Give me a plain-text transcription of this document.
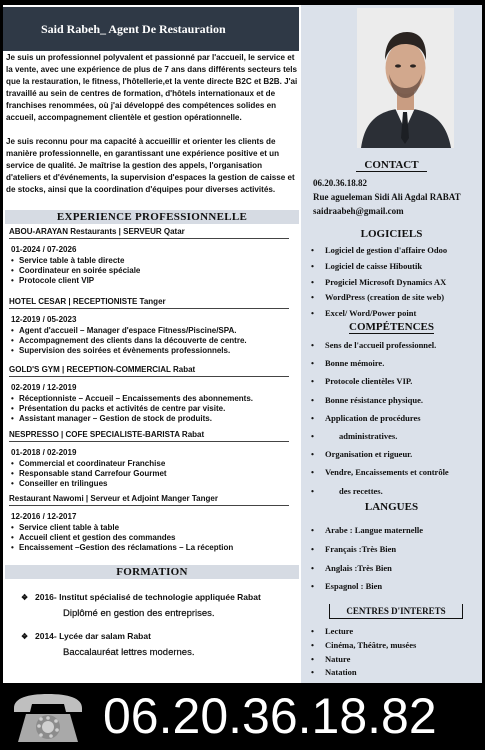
Said Rabeh_ Agent De Restauration

Je suis un professionnel polyvalent et passionné par l'accueil, le service et la vente, avec une expérience de plus de 7 ans dans différents secteurs tels que la restauration, le fitness, l'hôtellerie,et la vente directe B2C et B2B. J'ai travaillé au sein de centres de formation, d'hôtels internationaux et de franchises renommées, où j'ai développé des compétences solides en accueil, accompagnement clientèle et gestion opérationnelle.

Je suis reconnu pour ma capacité à accueillir et orienter les clients de manière professionnelle, en garantissant une expérience positive et un service de qualité. Je maîtrise la gestion des appels, l'organisation d'ateliers et d'événements, la supervision d'espaces la gestion de caisse et de stocks, ainsi que la coordination d'équipes pour diverses activités.

EXPERIENCE PROFESSIONNELLE
ABOU-ARAYAN Restaurants | SERVEUR Qatar
01-2024 / 07-2026
• Service table à table directe
• Coordinateur en soirée spéciale
• Protocole client VIP
HOTEL CESAR | RECEPTIONISTE Tanger
12-2019 / 05-2023
• Agent d'accueil – Manager d'espace Fitness/Piscine/SPA.
• Accompagnement des clients dans la découverte de centre.
• Supervision des soirées et évènements professionnels.
GOLD'S GYM | RECEPTION-COMMERCIAL Rabat
02-2019 / 12-2019
• Réceptionniste – Accueil – Encaissements des abonnements.
• Présentation du packs et activités de centre par visite.
• Assistant manager – Gestion de stock de produits.
NESPRESSO | COFE SPECIALISTE-BARISTA Rabat
01-2018 / 02-2019
• Commercial et coordinateur Franchise
• Responsable stand Carrefour Gourmet
• Conseiller en trilingues
Restaurant Nawomi | Serveur et Adjoint Manger Tanger
12-2016 / 12-2017
• Service client table à table
• Accueil client et gestion des commandes
• Encaissement –Gestion des réclamations – La réception
FORMATION
❖ 2016- Institut spécialisé de technologie appliquée Rabat
Diplômé en gestion des entreprises.
❖ 2014- Lycée dar salam Rabat
Baccalauréat lettres modernes.
CONTACT
06.20.36.18.82
Rue agueleman Sidi Ali Agdal RABAT
saidraabeh@gmail.com
LOGICIELS
• Logiciel de gestion d'affaire Odoo
• Logiciel de caisse Hiboutik
• Progiciel Microsoft Dynamics AX
• WordPress (creation de site web)
• Excel/ Word/Power point
COMPÉTENCES
• Sens de l'accueil professionnel.
• Bonne mémoire.
• Protocole clientèles VIP.
• Bonne résistance physique.
• Application de procédures
• administratives.
• Organisation et rigueur.
• Vendre, Encaissements et contrôle
• des recettes.
LANGUES
• Arabe : Langue maternelle
• Français :Très Bien
• Anglais :Très Bien
• Espagnol : Bien
CENTRES D'INTERETS
• Lecture
• Cinéma, Théâtre, musées
• Nature
• Natation
06.20.36.18.82
